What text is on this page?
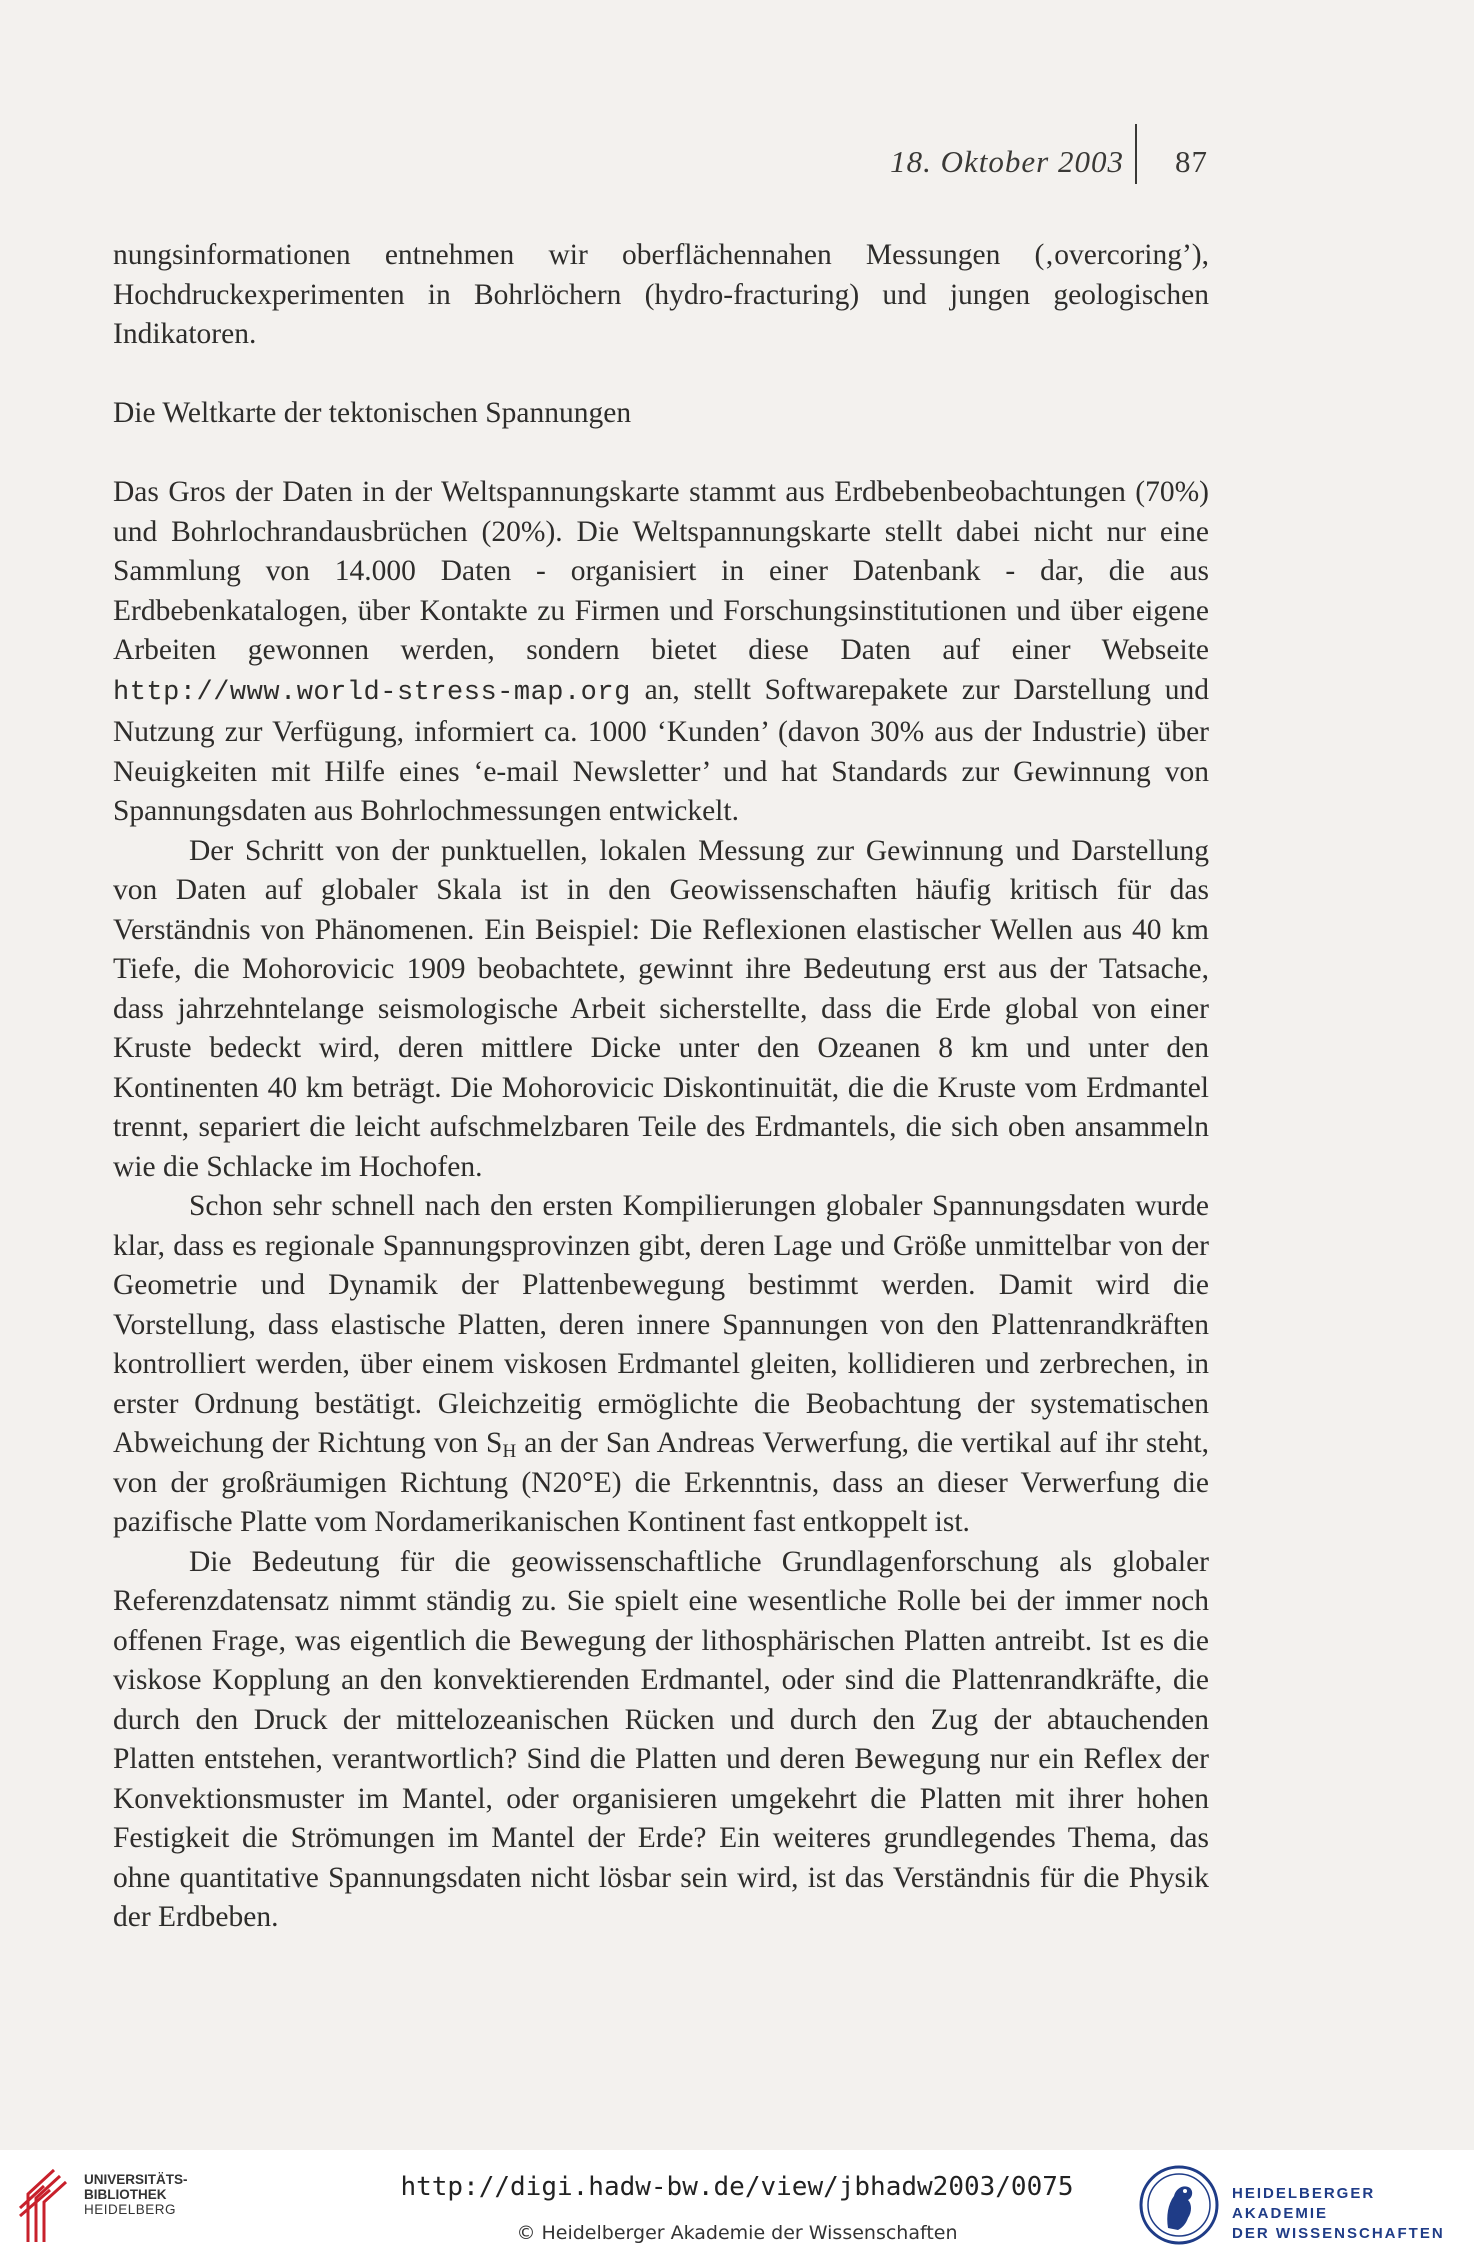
18. Oktober 2003 87

nungsinformationen entnehmen wir oberflächennahen Messungen (‚overcoring’), Hochdruckexperimenten in Bohrlöchern (hydro-fracturing) und jungen geologischen Indikatoren.

Die Weltkarte der tektonischen Spannungen

Das Gros der Daten in der Weltspannungskarte stammt aus Erdbebenbeobachtungen (70%) und Bohrlochrandausbrüchen (20%). Die Weltspannungskarte stellt dabei nicht nur eine Sammlung von 14.000 Daten - organisiert in einer Datenbank - dar, die aus Erdbebenkatalogen, über Kontakte zu Firmen und Forschungsinstitutionen und über eigene Arbeiten gewonnen werden, sondern bietet diese Daten auf einer Webseite http://www.world-stress-map.org an, stellt Softwarepakete zur Darstellung und Nutzung zur Verfügung, informiert ca. 1000 ‘Kunden’ (davon 30% aus der Industrie) über Neuigkeiten mit Hilfe eines ‘e-mail Newsletter’ und hat Standards zur Gewinnung von Spannungsdaten aus Bohrlochmessungen entwickelt.

Der Schritt von der punktuellen, lokalen Messung zur Gewinnung und Darstellung von Daten auf globaler Skala ist in den Geowissenschaften häufig kritisch für das Verständnis von Phänomenen. Ein Beispiel: Die Reflexionen elastischer Wellen aus 40 km Tiefe, die Mohorovicic 1909 beobachtete, gewinnt ihre Bedeutung erst aus der Tatsache, dass jahrzehntelange seismologische Arbeit sicherstellte, dass die Erde global von einer Kruste bedeckt wird, deren mittlere Dicke unter den Ozeanen 8 km und unter den Kontinenten 40 km beträgt. Die Mohorovicic Diskontinuität, die die Kruste vom Erdmantel trennt, separiert die leicht aufschmelzbaren Teile des Erdmantels, die sich oben ansammeln wie die Schlacke im Hochofen.

Schon sehr schnell nach den ersten Kompilierungen globaler Spannungsdaten wurde klar, dass es regionale Spannungsprovinzen gibt, deren Lage und Größe unmittelbar von der Geometrie und Dynamik der Plattenbewegung bestimmt werden. Damit wird die Vorstellung, dass elastische Platten, deren innere Spannungen von den Plattenrandkräften kontrolliert werden, über einem viskosen Erdmantel gleiten, kollidieren und zerbrechen, in erster Ordnung bestätigt. Gleichzeitig ermöglichte die Beobachtung der systematischen Abweichung der Richtung von $S_H$ an der San Andreas Verwerfung, die vertikal auf ihr steht, von der großräumigen Richtung (N20°E) die Erkenntnis, dass an dieser Verwerfung die pazifische Platte vom Nordamerikanischen Kontinent fast entkoppelt ist.

Die Bedeutung für die geowissenschaftliche Grundlagenforschung als globaler Referenzdatensatz nimmt ständig zu. Sie spielt eine wesentliche Rolle bei der immer noch offenen Frage, was eigentlich die Bewegung der lithosphärischen Platten antreibt. Ist es die viskose Kopplung an den konvektierenden Erdmantel, oder sind die Plattenrandkräfte, die durch den Druck der mittelozeanischen Rücken und durch den Zug der abtauchenden Platten entstehen, verantwortlich? Sind die Platten und deren Bewegung nur ein Reflex der Konvektionsmuster im Mantel, oder organisieren umgekehrt die Platten mit ihrer hohen Festigkeit die Strömungen im Mantel der Erde? Ein weiteres grundlegendes Thema, das ohne quantitative Spannungsdaten nicht lösbar sein wird, ist das Verständnis für die Physik der Erdbeben.

UNIVERSITÄTS-
BIBLIOTHEK
HEIDELBERG
http://digi.hadw-bw.de/view/jbhadw2003/0075
© Heidelberger Akademie der Wissenschaften
HEIDELBERGER AKADEMIE
DER WISSENSCHAFTEN
